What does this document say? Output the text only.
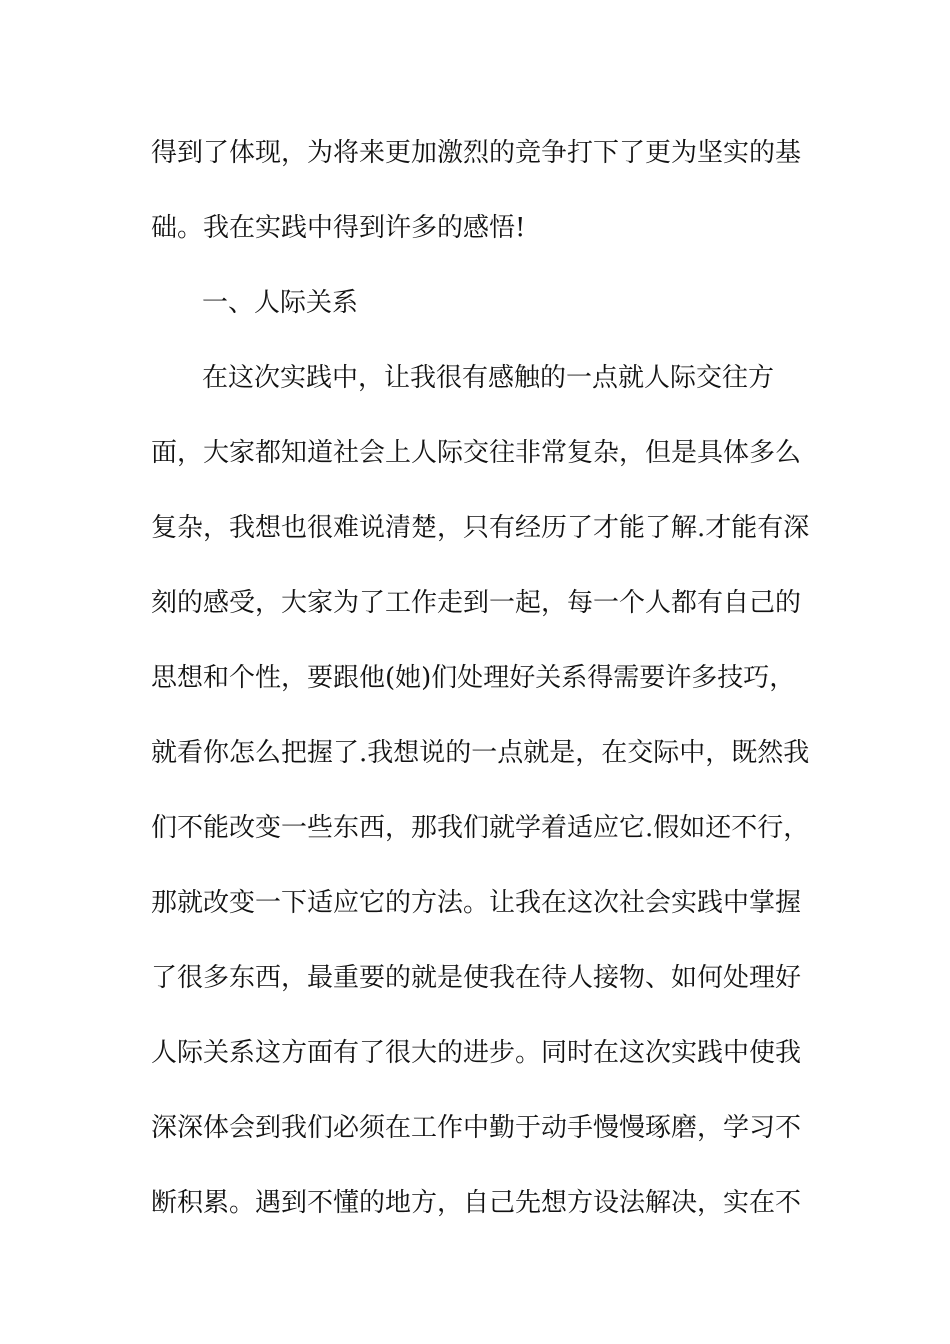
得到了体现，为将来更加激烈的竞争打下了更为坚实的基
础。我在实践中得到许多的感悟!
一、人际关系
在这次实践中，让我很有感触的一点就人际交往方
面，大家都知道社会上人际交往非常复杂，但是具体多么
复杂，我想也很难说清楚，只有经历了才能了解.才能有深
刻的感受，大家为了工作走到一起，每一个人都有自己的
思想和个性，要跟他(她)们处理好关系得需要许多技巧，
就看你怎么把握了.我想说的一点就是，在交际中，既然我
们不能改变一些东西，那我们就学着适应它.假如还不行，
那就改变一下适应它的方法。让我在这次社会实践中掌握
了很多东西，最重要的就是使我在待人接物、如何处理好
人际关系这方面有了很大的进步。同时在这次实践中使我
深深体会到我们必须在工作中勤于动手慢慢琢磨，学习不
断积累。遇到不懂的地方，自己先想方设法解决，实在不
